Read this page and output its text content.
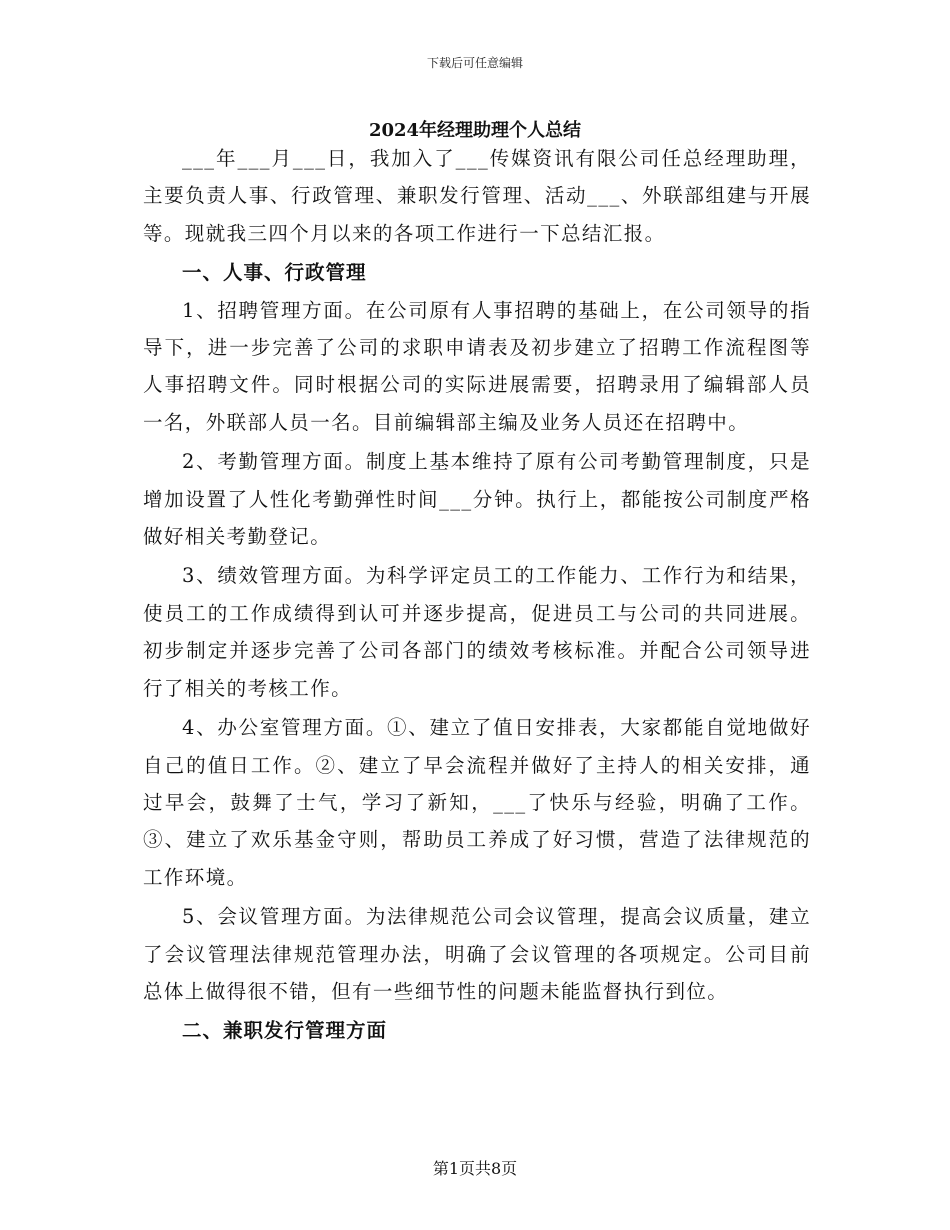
下载后可任意编辑
2024年经理助理个人总结

___年___月___日，我加入了___传媒资讯有限公司任总经理助理，主要负责人事、行政管理、兼职发行管理、活动___、外联部组建与开展等。现就我三四个月以来的各项工作进行一下总结汇报。

一、人事、行政管理

1、招聘管理方面。在公司原有人事招聘的基础上，在公司领导的指导下，进一步完善了公司的求职申请表及初步建立了招聘工作流程图等人事招聘文件。同时根据公司的实际进展需要，招聘录用了编辑部人员一名，外联部人员一名。目前编辑部主编及业务人员还在招聘中。

2、考勤管理方面。制度上基本维持了原有公司考勤管理制度，只是增加设置了人性化考勤弹性时间___分钟。执行上，都能按公司制度严格做好相关考勤登记。

3、绩效管理方面。为科学评定员工的工作能力、工作行为和结果，使员工的工作成绩得到认可并逐步提高，促进员工与公司的共同进展。初步制定并逐步完善了公司各部门的绩效考核标准。并配合公司领导进行了相关的考核工作。

4、办公室管理方面。①、建立了值日安排表，大家都能自觉地做好自己的值日工作。②、建立了早会流程并做好了主持人的相关安排，通过早会，鼓舞了士气，学习了新知，___了快乐与经验，明确了工作。③、建立了欢乐基金守则，帮助员工养成了好习惯，营造了法律规范的工作环境。

5、会议管理方面。为法律规范公司会议管理，提高会议质量，建立了会议管理法律规范管理办法，明确了会议管理的各项规定。公司目前总体上做得很不错，但有一些细节性的问题未能监督执行到位。

二、兼职发行管理方面

第1页共8页
